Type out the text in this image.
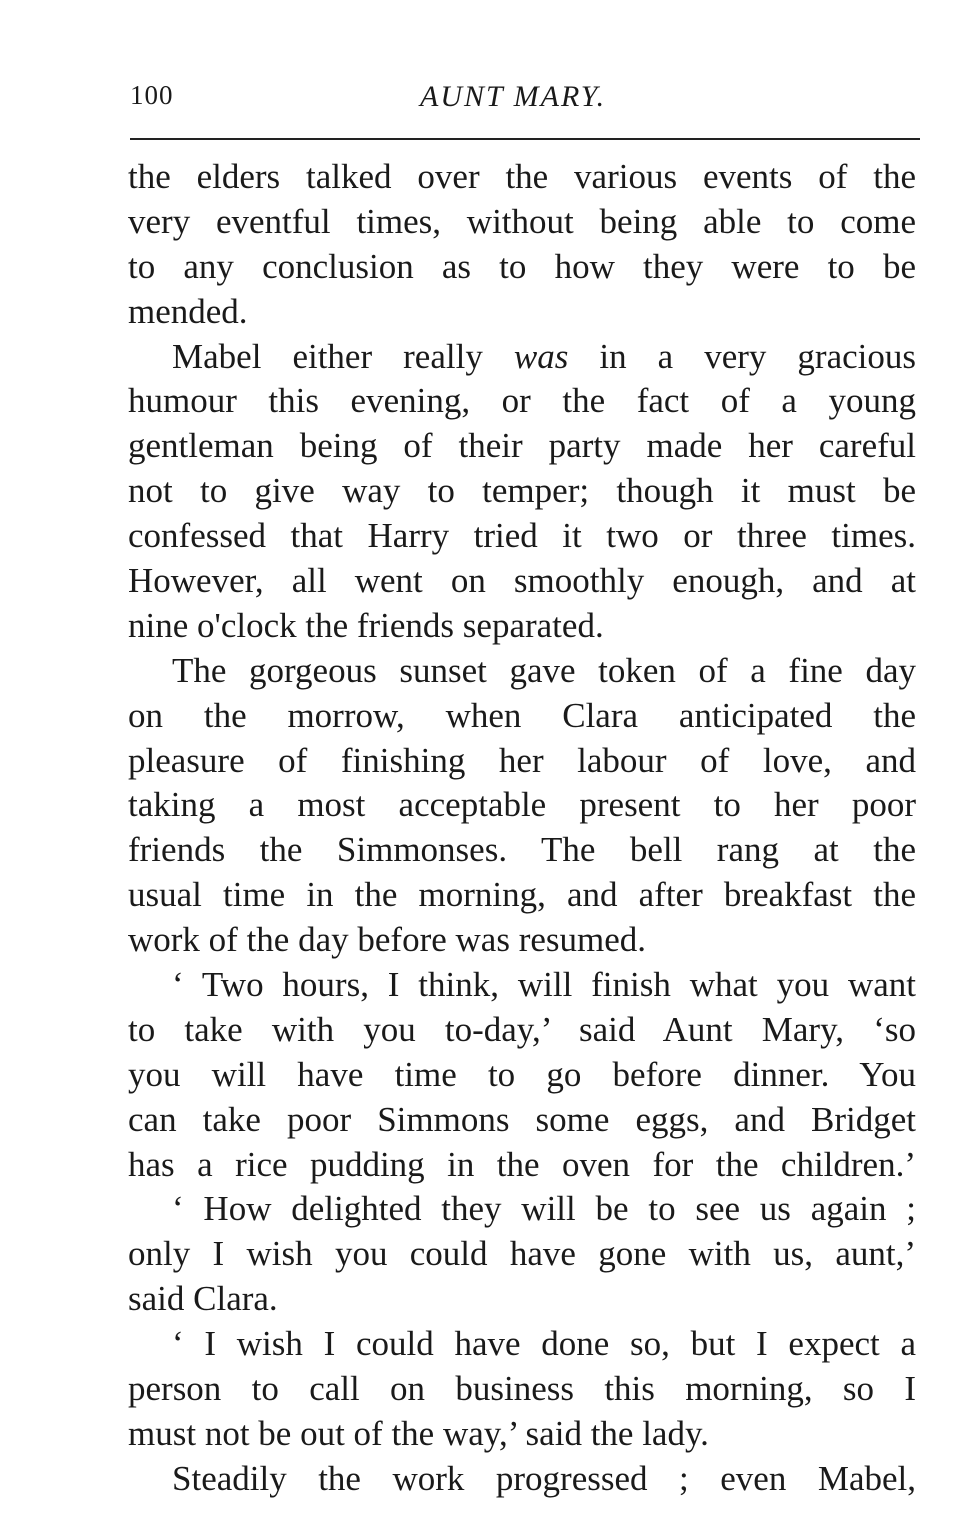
100	AUNT MARY.
the elders talked over the various events of the
very eventful times, without being able to come
to any conclusion as to how they were to be
mended.
Mabel either really was in a very gracious
humour this evening, or the fact of a young
gentleman being of their party made her careful
not to give way to temper; though it must be
confessed that Harry tried it two or three times.
However, all went on smoothly enough, and at
nine o'clock the friends separated.
The gorgeous sunset gave token of a fine day
on the morrow, when Clara anticipated the
pleasure of finishing her labour of love, and
taking a most acceptable present to her poor
friends the Simmonses. The bell rang at the
usual time in the morning, and after breakfast the
work of the day before was resumed.
‘ Two hours, I think, will finish what you want
to take with you to-day,’ said Aunt Mary, ‘so
you will have time to go before dinner. You
can take poor Simmons some eggs, and Bridget
has a rice pudding in the oven for the children.’
‘ How delighted they will be to see us again ;
only I wish you could have gone with us, aunt,’
said Clara.
‘ I wish I could have done so, but I expect a
person to call on business this morning, so I
must not be out of the way,’ said the lady.
Steadily the work progressed ; even Mabel,
